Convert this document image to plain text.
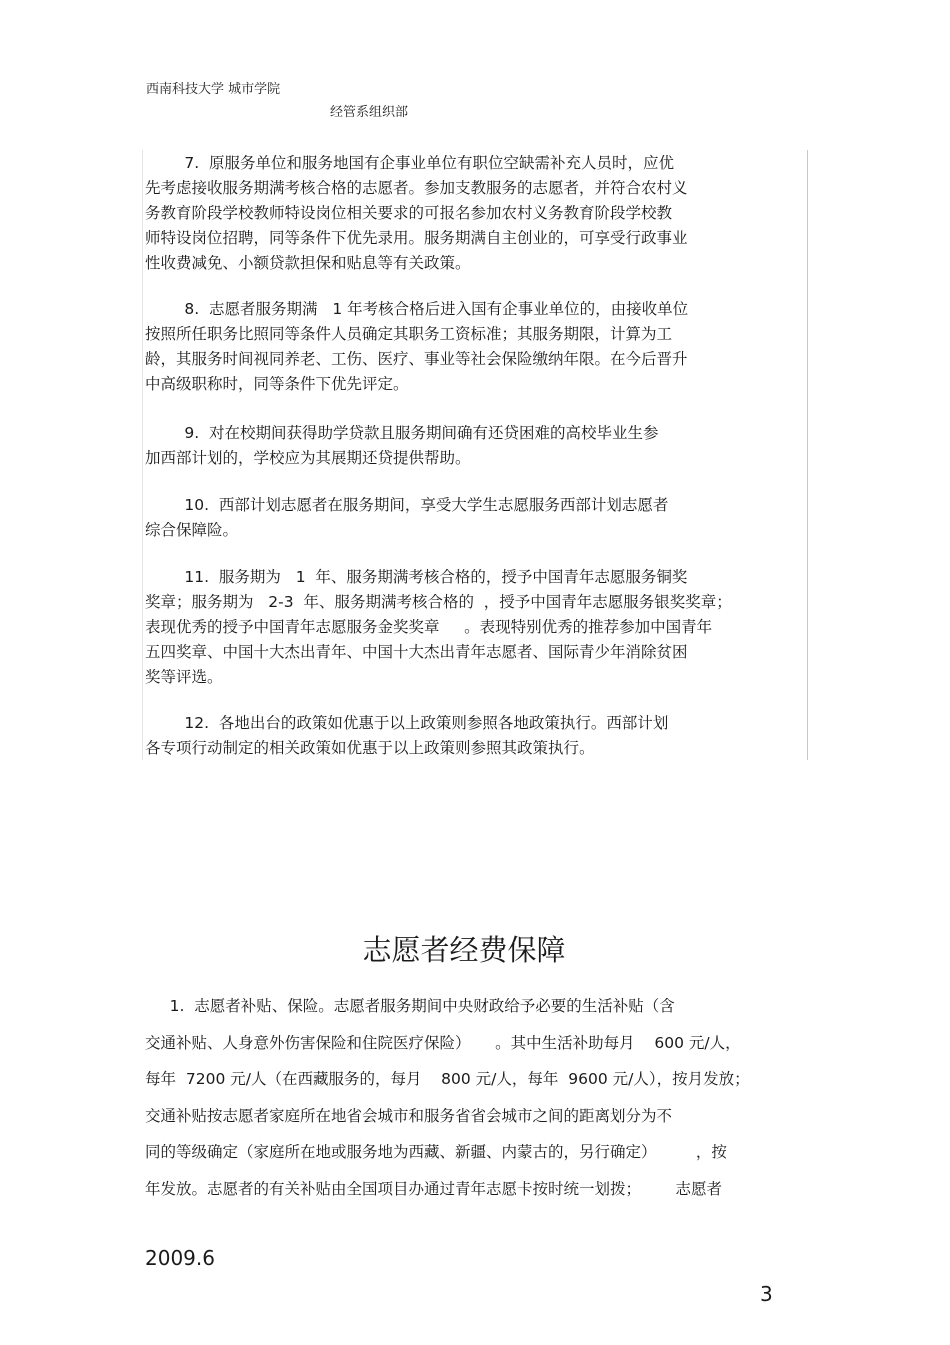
西南科技大学 城市学院
经管系组织部
7.  原服务单位和服务地国有企事业单位有职位空缺需补充人员时，应优
先考虑接收服务期满考核合格的志愿者。参加支教服务的志愿者，并符合农村义
务教育阶段学校教师特设岗位相关要求的可报名参加农村义务教育阶段学校教
师特设岗位招聘，同等条件下优先录用。服务期满自主创业的，可享受行政事业
性收费减免、小额贷款担保和贴息等有关政策。
8.  志愿者服务期满   1 年考核合格后进入国有企事业单位的，由接收单位
按照所任职务比照同等条件人员确定其职务工资标准；其服务期限，计算为工
龄，其服务时间视同养老、工伤、医疗、事业等社会保险缴纳年限。在今后晋升
中高级职称时，同等条件下优先评定。
9.  对在校期间获得助学贷款且服务期间确有还贷困难的高校毕业生参
加西部计划的，学校应为其展期还贷提供帮助。
10.  西部计划志愿者在服务期间，享受大学生志愿服务西部计划志愿者
综合保障险。
11.  服务期为   1  年、服务期满考核合格的，授予中国青年志愿服务铜奖
奖章；服务期为   2-3  年、服务期满考核合格的  ，授予中国青年志愿服务银奖奖章；
表现优秀的授予中国青年志愿服务金奖奖章     。表现特别优秀的推荐参加中国青年
五四奖章、中国十大杰出青年、中国十大杰出青年志愿者、国际青少年消除贫困
奖等评选。
12.  各地出台的政策如优惠于以上政策则参照各地政策执行。西部计划
各专项行动制定的相关政策如优惠于以上政策则参照其政策执行。
志愿者经费保障
1.  志愿者补贴、保险。志愿者服务期间中央财政给予必要的生活补贴（含
交通补贴、人身意外伤害保险和住院医疗保险）     。其中生活补助每月    600 元/人，
每年  7200 元/人（在西藏服务的，每月    800 元/人，每年  9600 元/人），按月发放；
交通补贴按志愿者家庭所在地省会城市和服务省省会城市之间的距离划分为不
同的等级确定（家庭所在地或服务地为西藏、新疆、内蒙古的，另行确定）        ，按
年发放。志愿者的有关补贴由全国项目办通过青年志愿卡按时统一划拨；       志愿者
2009.6
3
